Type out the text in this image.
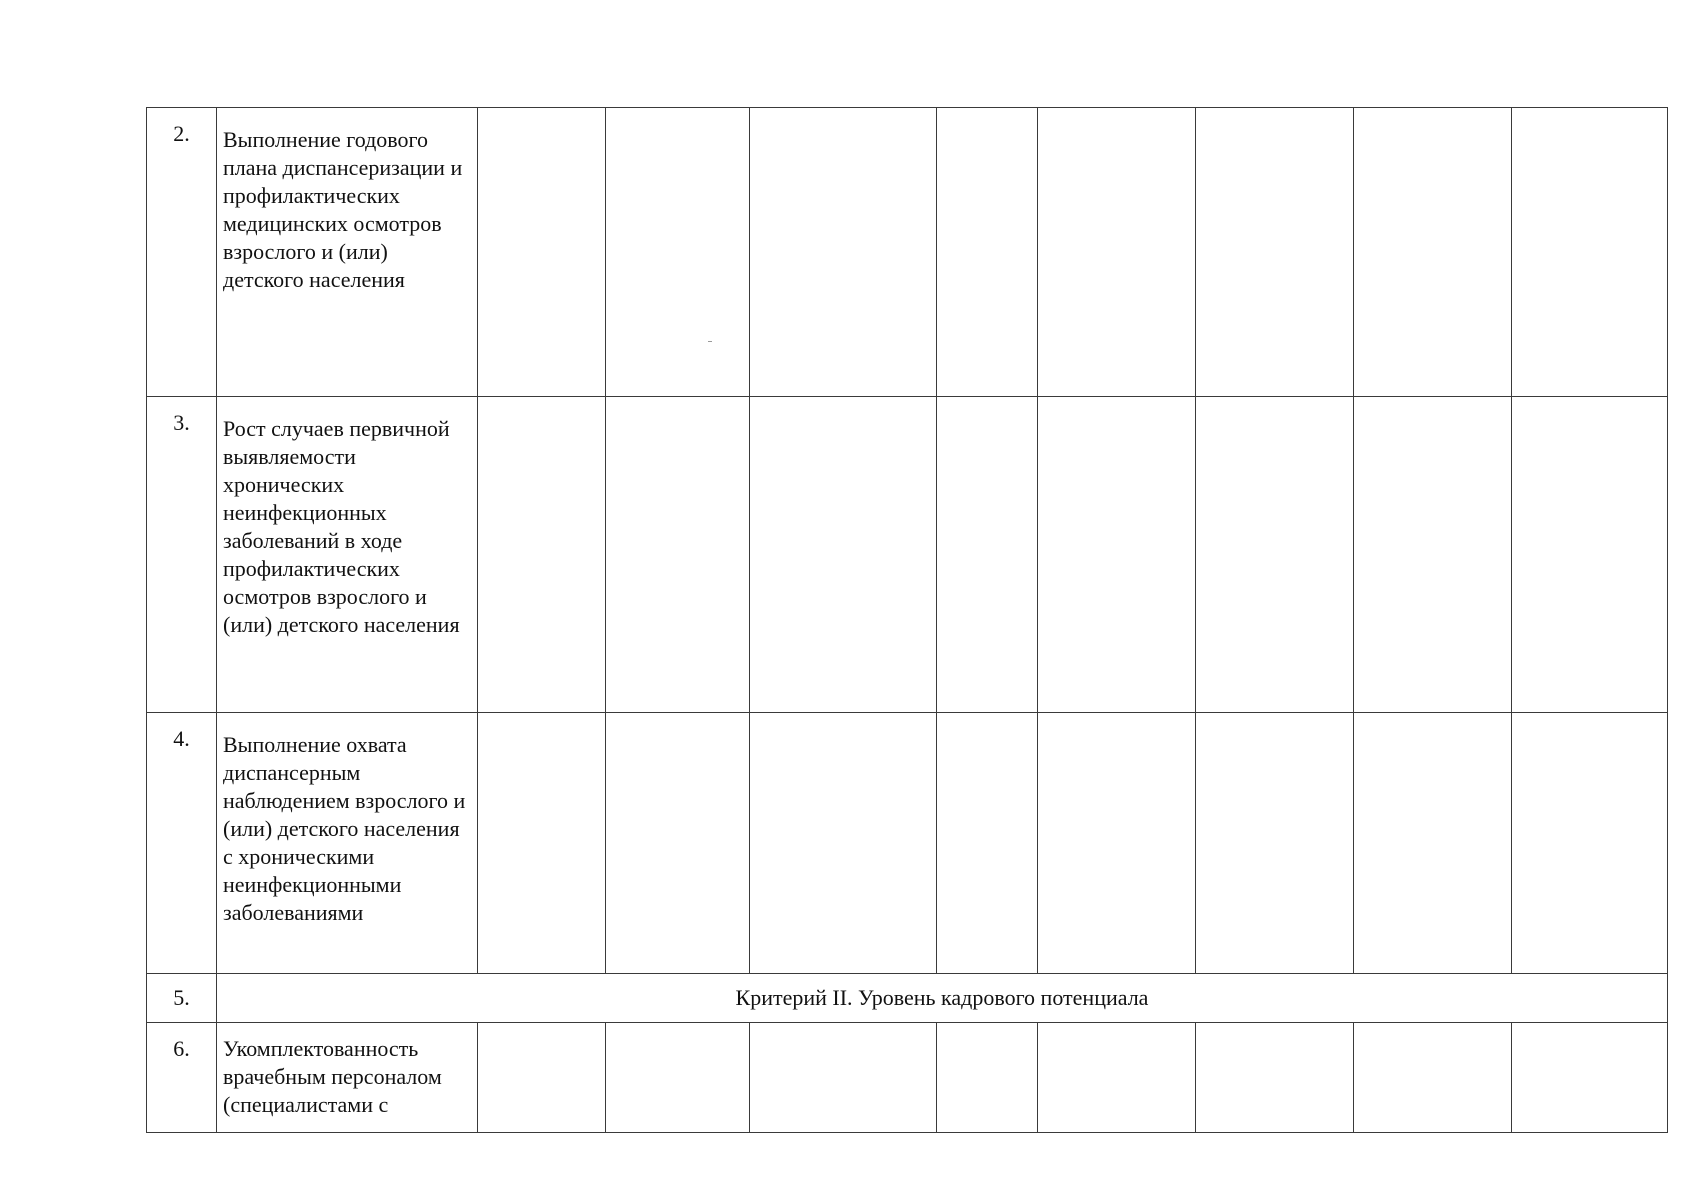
2.	Выполнение годового плана диспансеризации и профилактических медицинских осмотров взрослого и (или) детского населения								
3.	Рост случаев первичной выявляемости хронических неинфекционных заболеваний в ходе профилактических осмотров взрослого и (или) детского населения								
4.	Выполнение охвата диспансерным наблюдением взрослого и (или) детского населения с хроническими неинфекционными заболеваниями								
5.	Критерий II. Уровень кадрового потенциала								
6.	Укомплектованность врачебным персоналом (специалистами с								
